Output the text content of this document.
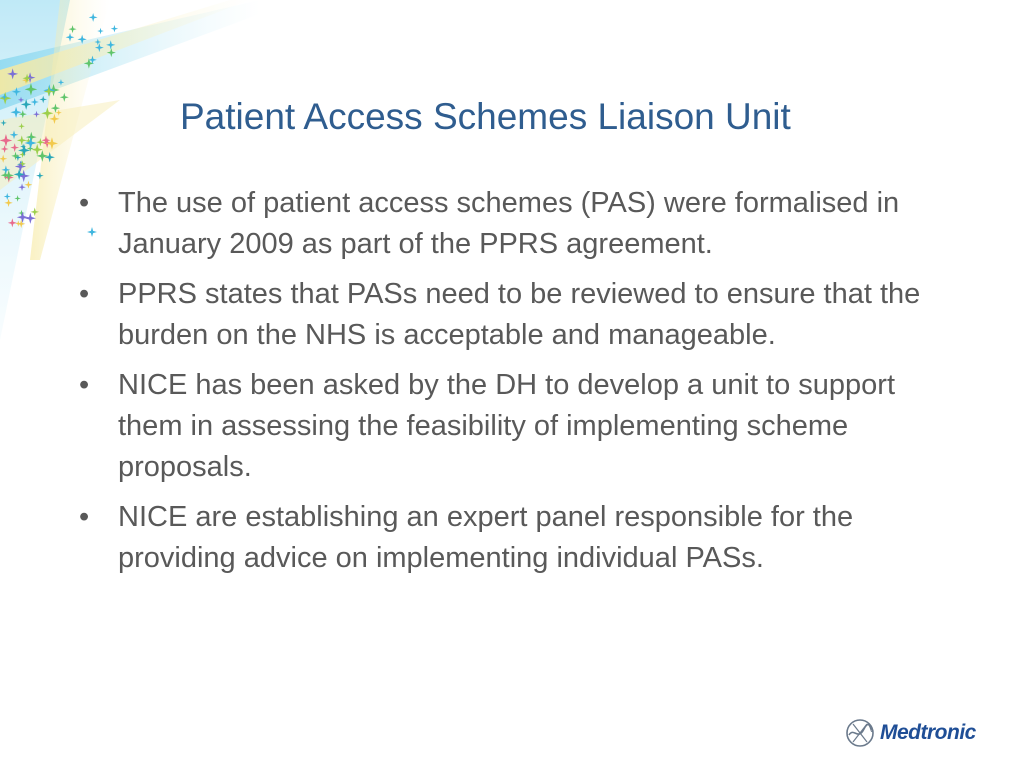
Patient Access Schemes Liaison Unit
• The use of patient access schemes (PAS) were formalised in January 2009 as part of the PPRS agreement.
• PPRS states that PASs need to be reviewed to ensure that the burden on the NHS is acceptable and manageable.
• NICE has been asked by the DH to develop a unit to support them in assessing the feasibility of implementing scheme proposals.
• NICE are establishing an expert panel responsible for the providing advice on implementing individual PASs.
Medtronic
